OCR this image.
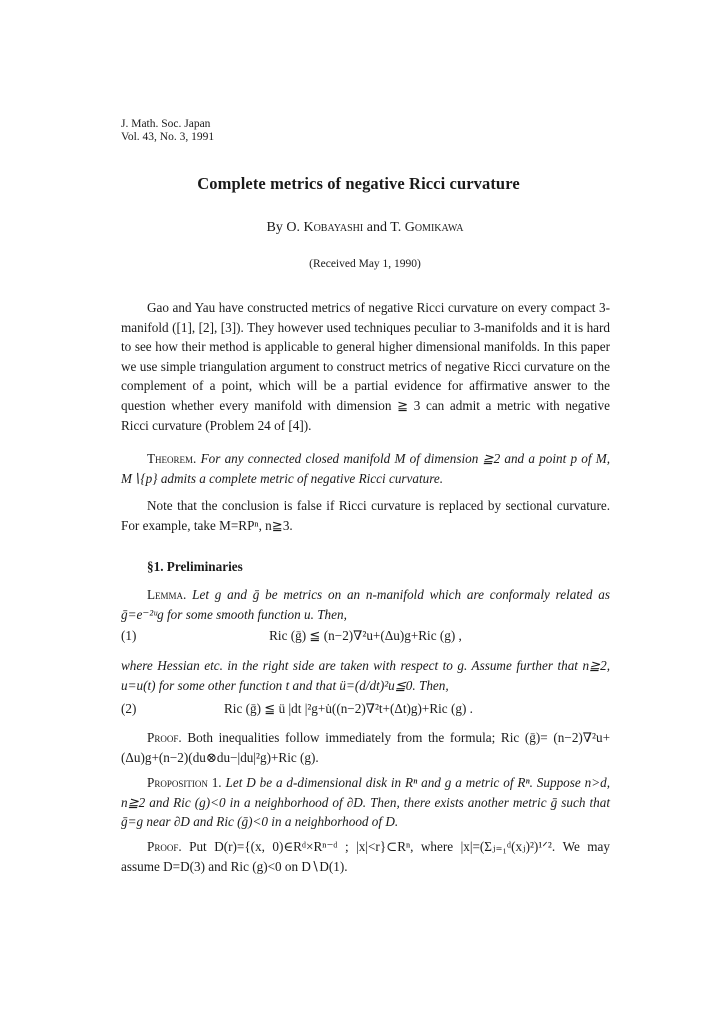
J. Math. Soc. Japan
Vol. 43, No. 3, 1991
Complete metrics of negative Ricci curvature
By O. Kobayashi and T. Gomikawa
(Received May 1, 1990)

Gao and Yau have constructed metrics of negative Ricci curvature on every compact 3-manifold ([1], [2], [3]). They however used techniques peculiar to 3-manifolds and it is hard to see how their method is applicable to general higher dimensional manifolds. In this paper we use simple triangulation argument to construct metrics of negative Ricci curvature on the complement of a point, which will be a partial evidence for affirmative answer to the question whether every manifold with dimension ≧ 3 can admit a metric with negative Ricci curvature (Problem 24 of [4]).

Theorem. For any connected closed manifold M of dimension ≧2 and a point p of M, M∖{p} admits a complete metric of negative Ricci curvature.

Note that the conclusion is false if Ricci curvature is replaced by sectional curvature. For example, take M=RPⁿ, n≧3.

§1. Preliminaries

Lemma. Let g and ḡ be metrics on an n-manifold which are conformaly related as ḡ=e⁻²ᵘg for some smooth function u. Then,

(1)	Ric (ḡ) ≦ (n−2)∇²u+(Δu)g+Ric (g) ,
where Hessian etc. in the right side are taken with respect to g. Assume further that n≧2, u=u(t) for some other function t and that ü=(d/dt)²u≦0. Then,
(2)	Ric (ḡ) ≦ ü |dt |²g+u̇((n−2)∇²t+(Δt)g)+Ric (g) .

Proof. Both inequalities follow immediately from the formula; Ric (ḡ)= (n−2)∇²u+(Δu)g+(n−2)(du⊗du−|du|²g)+Ric (g).

Proposition 1. Let D be a d-dimensional disk in Rⁿ and g a metric of Rⁿ. Suppose n>d, n≧2 and Ric (g)<0 in a neighborhood of ∂D. Then, there exists another metric ḡ such that ḡ=g near ∂D and Ric (ḡ)<0 in a neighborhood of D.

Proof. Put D(r)={(x, 0)∈Rᵈ×Rⁿ⁻ᵈ ; |x|<r}⊂Rⁿ, where |x|=(Σⱼ₌₁ᵈ(xⱼ)²)¹ᐟ². We may assume D=D(3) and Ric (g)<0 on D∖D(1).
